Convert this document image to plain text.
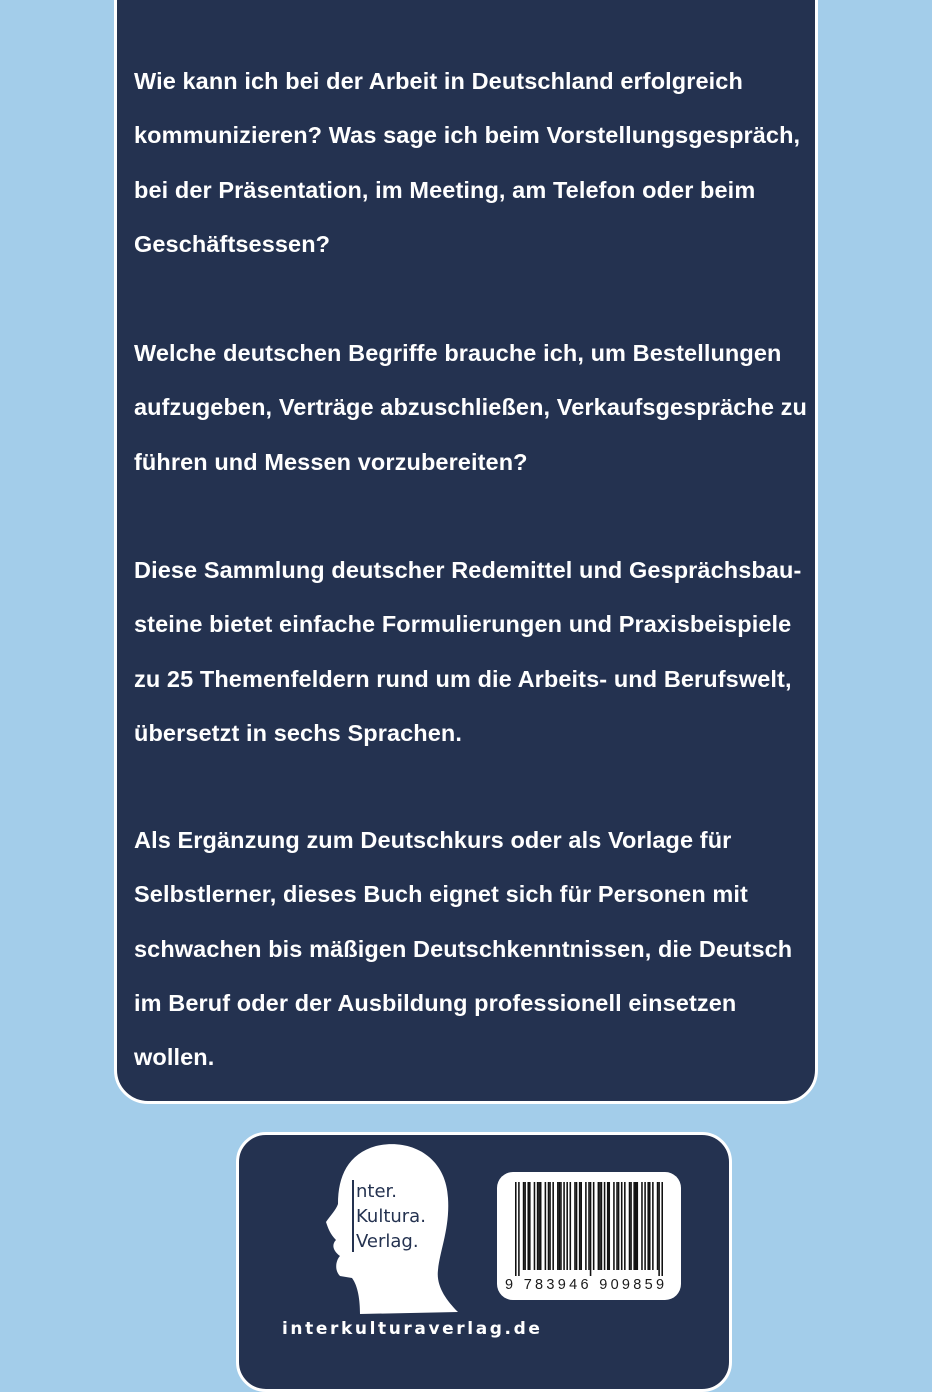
Wie kann ich bei der Arbeit in Deutschland erfolgreich kommunizieren? Was sage ich beim Vorstellungsgespräch, bei der Präsentation, im Meeting, am Telefon oder beim Geschäftsessen?

Welche deutschen Begriffe brauche ich, um Bestellungen aufzugeben, Verträge abzuschließen, Verkaufsgespräche zu führen und Messen vorzubereiten?

Diese Sammlung deutscher Redemittel und Gesprächsbausteine bietet einfache Formulierungen und Praxisbeispiele zu 25 Themenfeldern rund um die Arbeits- und Berufswelt, übersetzt in sechs Sprachen.

Als Ergänzung zum Deutschkurs oder als Vorlage für Selbstlerner, dieses Buch eignet sich für Personen mit schwachen bis mäßigen Deutschkenntnissen, die Deutsch im Beruf oder der Ausbildung professionell einsetzen wollen.

nter.
Kultura.
Verlag.

9 783946 909859

interkulturaverlag.de
